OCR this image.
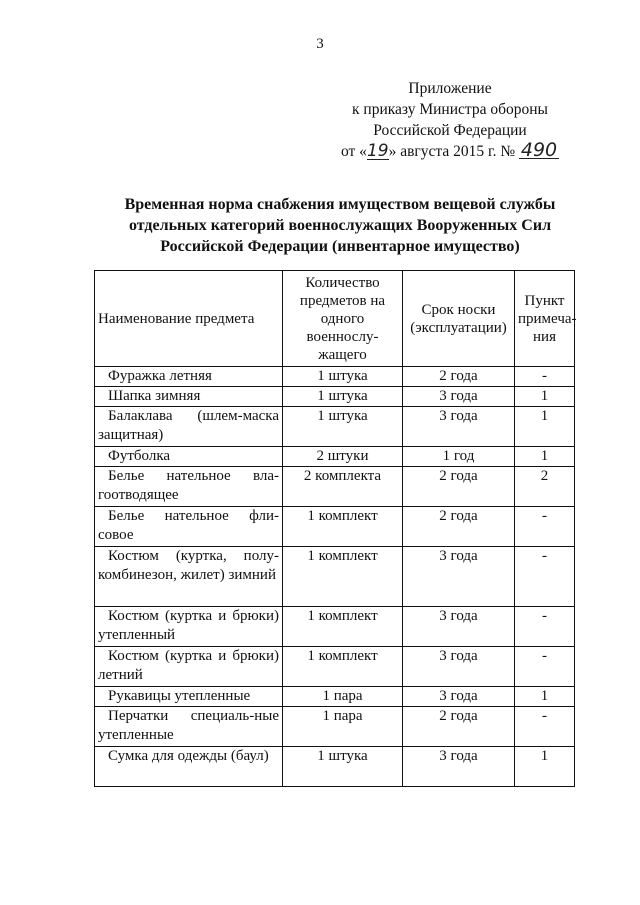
3
Приложение
к приказу Министра обороны
Российской Федерации
от «19» августа 2015 г. № 490
Временная норма снабжения имуществом вещевой службы
отдельных категорий военнослужащих Вооруженных Сил
Российской Федерации (инвентарное имущество)
Наименование предмета	Количество предметов на одного военнослу-жащего	Срок носки (эксплуатации)	Пункт примеча-ния
Фуражка летняя	1 штука	2 года	-
Шапка зимняя	1 штука	3 года	1
Балаклава (шлем-маска защитная)	1 штука	3 года	1
Футболка	2 штуки	1 год	1
Белье нательное вла-гоотводящее	2 комплекта	2 года	2
Белье нательное фли-совое	1 комплект	2 года	-
Костюм (куртка, полу-комбинезон, жилет) зимний	1 комплект	3 года	-
Костюм (куртка и брюки) утепленный	1 комплект	3 года	-
Костюм (куртка и брюки) летний	1 комплект	3 года	-
Рукавицы утепленные	1 пара	3 года	1
Перчатки специаль-ные утепленные	1 пара	2 года	-
Сумка для одежды (баул)	1 штука	3 года	1
